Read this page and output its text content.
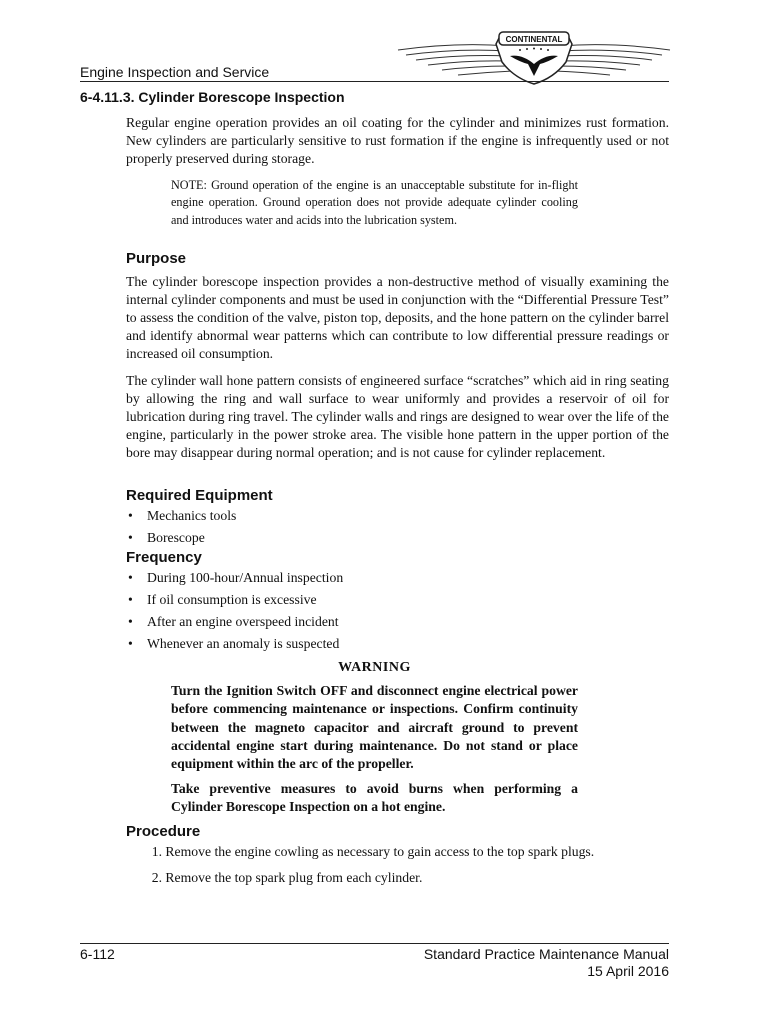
CONTINENTAL
Engine Inspection and Service
6-4.11.3. Cylinder Borescope Inspection
Regular engine operation provides an oil coating for the cylinder and minimizes rust formation. New cylinders are particularly sensitive to rust formation if the engine is infrequently used or not properly preserved during storage.
NOTE: Ground operation of the engine is an unacceptable substitute for in-flight engine operation. Ground operation does not provide adequate cylinder cooling and introduces water and acids into the lubrication system.
Purpose
The cylinder borescope inspection provides a non-destructive method of visually examining the internal cylinder components and must be used in conjunction with the “Differential Pressure Test” to assess the condition of the valve, piston top, deposits, and the hone pattern on the cylinder barrel and identify abnormal wear patterns which can contribute to low differential pressure readings or increased oil consumption.
The cylinder wall hone pattern consists of engineered surface “scratches” which aid in ring seating by allowing the ring and wall surface to wear uniformly and provides a reservoir of oil for lubrication during ring travel. The cylinder walls and rings are designed to wear over the life of the engine, particularly in the power stroke area. The visible hone pattern in the upper portion of the bore may disappear during normal operation; and is not cause for cylinder replacement.
Required Equipment
• Mechanics tools
• Borescope
Frequency
• During 100-hour/Annual inspection
• If oil consumption is excessive
• After an engine overspeed incident
• Whenever an anomaly is suspected
WARNING
Turn the Ignition Switch OFF and disconnect engine electrical power before commencing maintenance or inspections. Confirm continuity between the magneto capacitor and aircraft ground to prevent accidental engine start during maintenance. Do not stand or place equipment within the arc of the propeller.
Take preventive measures to avoid burns when performing a Cylinder Borescope Inspection on a hot engine.
Procedure
1. Remove the engine cowling as necessary to gain access to the top spark plugs.
2. Remove the top spark plug from each cylinder.
6-112	Standard Practice Maintenance Manual
15 April 2016
